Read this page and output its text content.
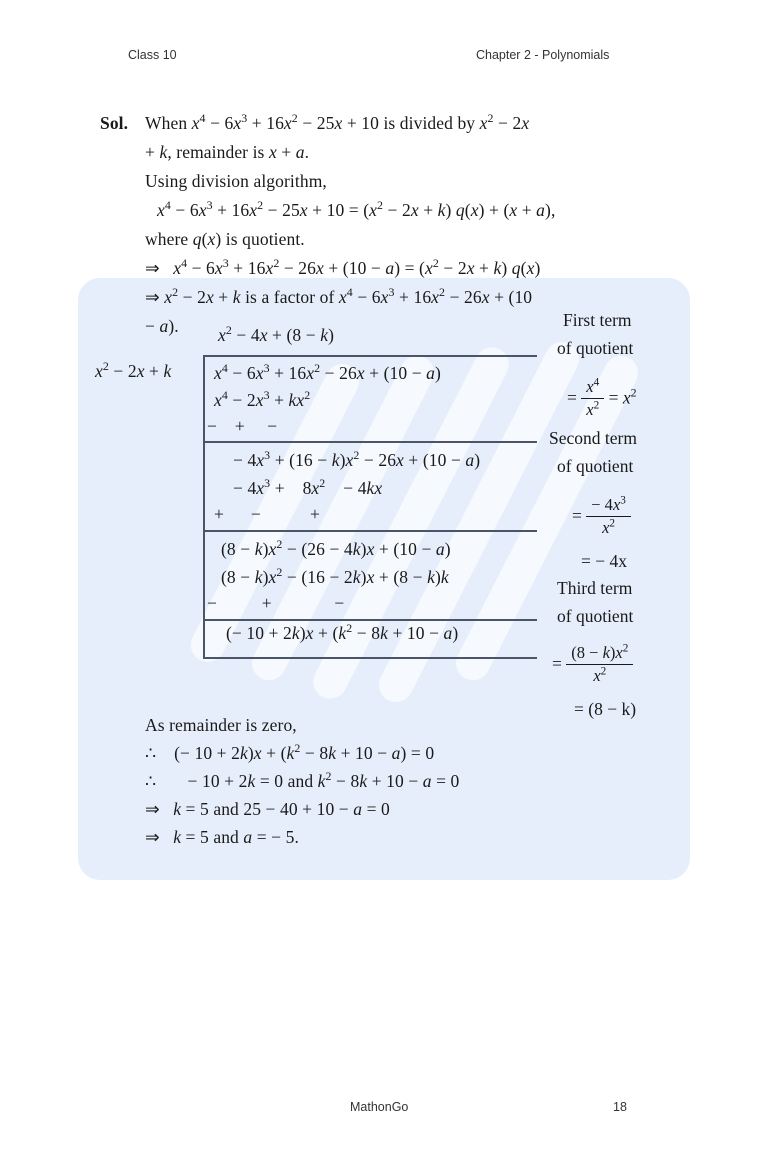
Class 10	Chapter 2 - Polynomials
Sol. When $x^4 - 6x^3 + 16x^2 - 25x + 10$ is divided by $x^2 - 2x$
+ k, remainder is x + a.
Using division algorithm,
$x^4 - 6x^3 + 16x^2 - 25x + 10 = (x^2 - 2x + k) q(x) + (x + a)$,
where q(x) is quotient.
⇒   $x^4 - 6x^3 + 16x^2 - 26x + (10 - a) = (x^2 - 2x + k)$ q(x)
⇒ $x^2 - 2x + k$ is a factor of $x^4 - 6x^3 + 16x^2 - 26x + (10$
− a). $x^2 - 4x + (8 - k)$
$x^2 - 2x + k$ $x^4 - 6x^3 + 16x^2 - 26x + (10 - a)$
$x^4 - 2x^3 + kx^2$
−    +     −
− $4x^3 + (16 - k)x^2 - 26x + (10 - a)$
− $4x^3$ +    $8x^2$    − 4kx
+      −           +
$(8 - k)x^2 - (26 - 4k)x + (10 - a)$
$(8 - k)x^2 - (16 - 2k)x + (8 - k)k$
−          +              −
(− $10 + 2k)x + (k^2 - 8k + 10 - a)$
First term
of quotient
= $\frac{x^4}{x^2} = x^2$
Second term
of quotient
= $\frac{- 4x^3}{x^2}$
= − 4x
Third term
of quotient
= $\frac{(8 - k)x^2}{x^2}$
= (8 − k)
As remainder is zero,
∴    (− $10 + 2k)x + (k^2 - 8k + 10 - a) = 0$
∴       − 10 + 2k = 0 and $k^2 - 8k + 10 - a = 0$
⇒   k = 5 and 25 − 40 + 10 − a = 0
⇒   k = 5 and a = − 5.
MathonGo	18
